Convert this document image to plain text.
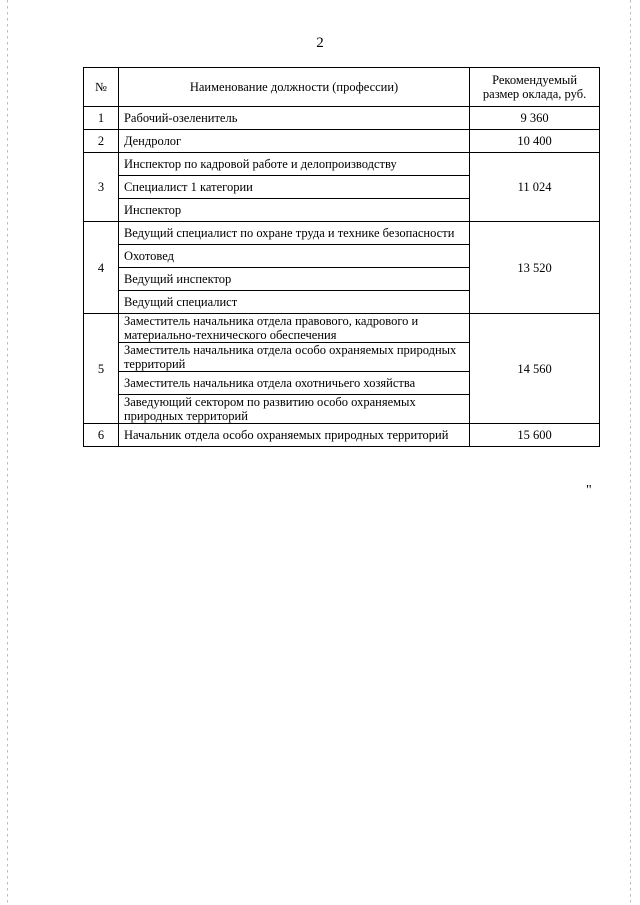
2
№	Наименование должности (профессии)	Рекомендуемый
размер оклада, руб.
1	Рабочий-озеленитель	9 360
2	Дендролог	10 400
3	Инспектор по кадровой работе и делопроизводству	11 024
	Специалист 1 категории	
	Инспектор	
4	Ведущий специалист по охране труда и технике безопасности	13 520
	Охотовед	
	Ведущий инспектор	
	Ведущий специалист	
5	Заместитель начальника отдела правового, кадрового и материально-технического обеспечения	14 560
	Заместитель начальника отдела особо охраняемых природных территорий	
	Заместитель начальника отдела охотничьего хозяйства	
	Заведующий сектором по развитию особо охраняемых природных территорий	
6	Начальник отдела особо охраняемых природных территорий	15 600
"
